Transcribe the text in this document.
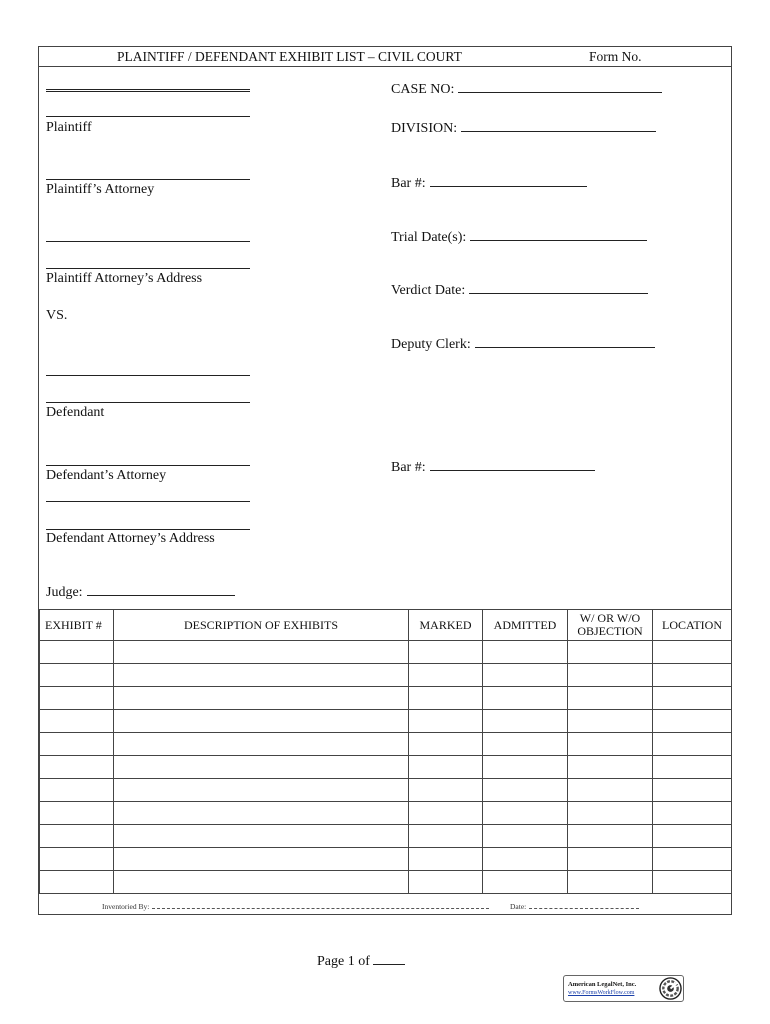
PLAINTIFF / DEFENDANT EXHIBIT LIST – CIVIL COURT	Form No.
Plaintiff
Plaintiff’s Attorney
Plaintiff Attorney’s Address
VS.
Defendant
Defendant’s Attorney
Defendant Attorney’s Address
Judge:
CASE NO:
DIVISION:
Bar #:
Trial Date(s):
Verdict Date:
Deputy Clerk:
Bar #:
EXHIBIT #	DESCRIPTION OF EXHIBITS	MARKED	ADMITTED	W/ OR W/O OBJECTION	LOCATION

Inventoried By:	Date:
Page 1 of
American LegalNet, Inc.
www.FormsWorkFlow.com
